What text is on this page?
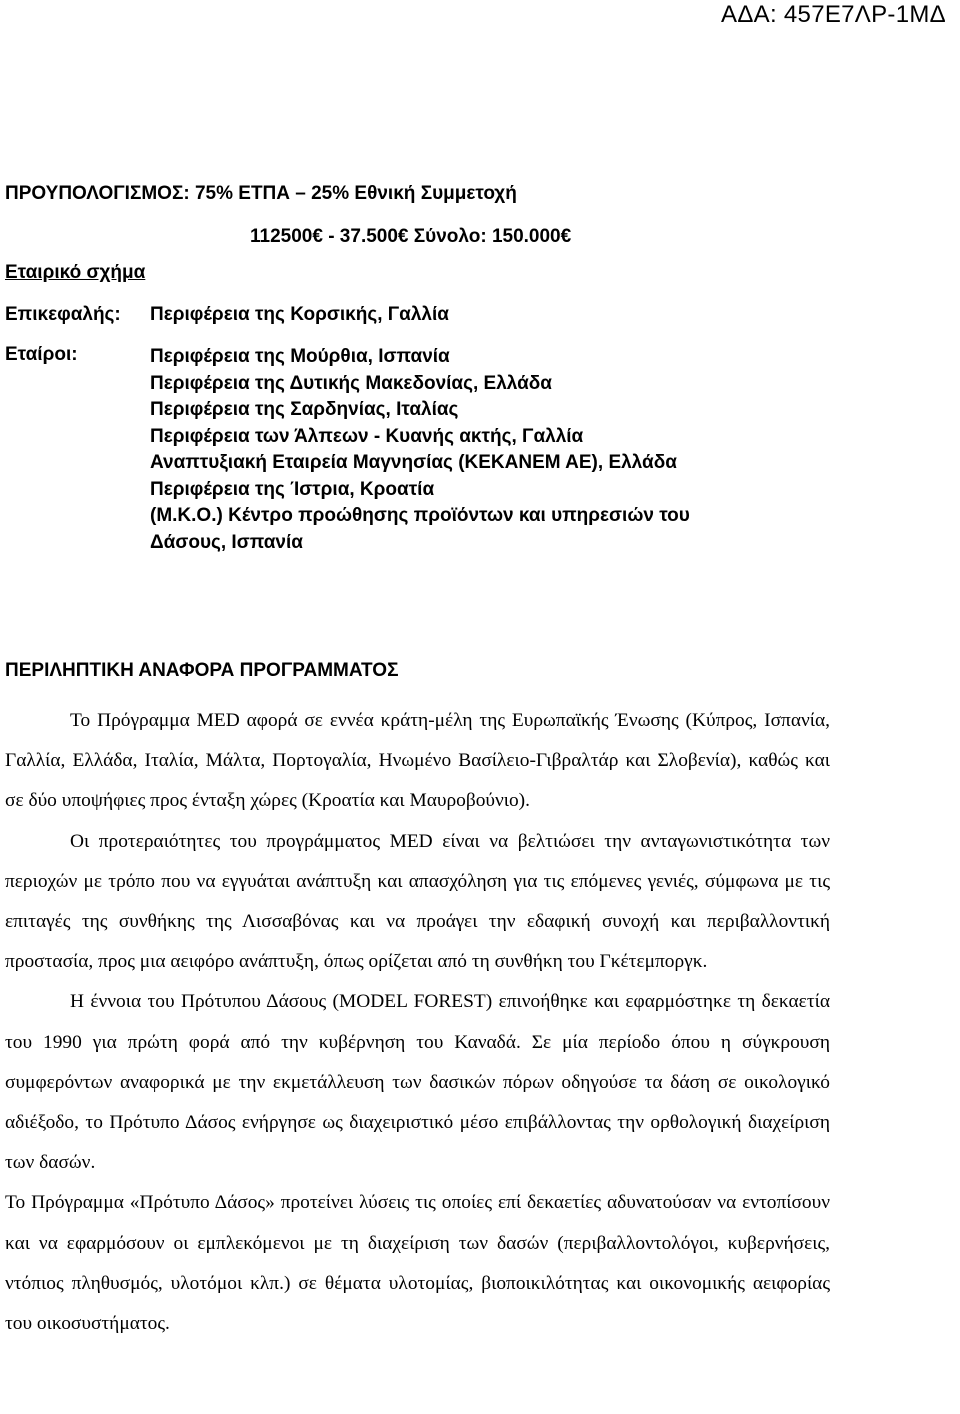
ΑΔΑ: 457Ε7ΛΡ-1ΜΔ
ΠΡΟΥΠΟΛΟΓΙΣΜΟΣ: 75% ΕΤΠΑ – 25% Εθνική Συμμετοχή
112500€ - 37.500€ Σύνολο: 150.000€
Εταιρικό σχήμα
Επικεφαλής: Περιφέρεια της Κορσικής, Γαλλία
Εταίροι:	Περιφέρεια της Μούρθια, Ισπανία
Περιφέρεια της Δυτικής Μακεδονίας, Ελλάδα
Περιφέρεια της Σαρδηνίας, Ιταλίας
Περιφέρεια των Άλπεων - Κυανής ακτής, Γαλλία
Αναπτυξιακή Εταιρεία Μαγνησίας (ΚΕΚΑΝΕΜ ΑΕ), Ελλάδα
Περιφέρεια της Ίστρια, Κροατία
(Μ.Κ.Ο.) Κέντρο προώθησης προϊόντων και υπηρεσιών του Δάσους, Ισπανία
ΠΕΡΙΛΗΠΤΙΚΗ ΑΝΑΦΟΡΑ ΠΡΟΓΡΑΜΜΑΤΟΣ

Το Πρόγραμμα MED αφορά σε εννέα κράτη-μέλη της Ευρωπαϊκής Ένωσης (Κύπρος, Ισπανία, Γαλλία, Ελλάδα, Ιταλία, Μάλτα, Πορτογαλία, Ηνωμένο Βασίλειο-Γιβραλτάρ και Σλοβενία), καθώς και σε δύο υποψήφιες προς ένταξη χώρες (Κροατία και Μαυροβούνιο).

Οι προτεραιότητες του προγράμματος MED είναι να βελτιώσει την ανταγωνιστικότητα των περιοχών με τρόπο που να εγγυάται ανάπτυξη και απασχόληση για τις επόμενες γενιές, σύμφωνα με τις επιταγές της συνθήκης της Λισσαβόνας και να προάγει την εδαφική συνοχή και περιβαλλοντική προστασία, προς μια αειφόρο ανάπτυξη, όπως ορίζεται από τη συνθήκη του Γκέτεμποργκ.

Η έννοια του Πρότυπου Δάσους (MODEL FOREST) επινοήθηκε και εφαρμόστηκε τη δεκαετία του 1990 για πρώτη φορά από την κυβέρνηση του Καναδά. Σε μία περίοδο όπου η σύγκρουση συμφερόντων αναφορικά με την εκμετάλλευση των δασικών πόρων οδηγούσε τα δάση σε οικολογικό αδιέξοδο, το Πρότυπο Δάσος ενήργησε ως διαχειριστικό μέσο επιβάλλοντας την ορθολογική διαχείριση των δασών.

Το Πρόγραμμα «Πρότυπο Δάσος» προτείνει λύσεις τις οποίες επί δεκαετίες αδυνατούσαν να εντοπίσουν και να εφαρμόσουν οι εμπλεκόμενοι με τη διαχείριση των δασών (περιβαλλοντολόγοι, κυβερνήσεις, ντόπιος πληθυσμός, υλοτόμοι κλπ.) σε θέματα υλοτομίας, βιοποικιλότητας και οικονομικής αειφορίας του οικοσυστήματος.
